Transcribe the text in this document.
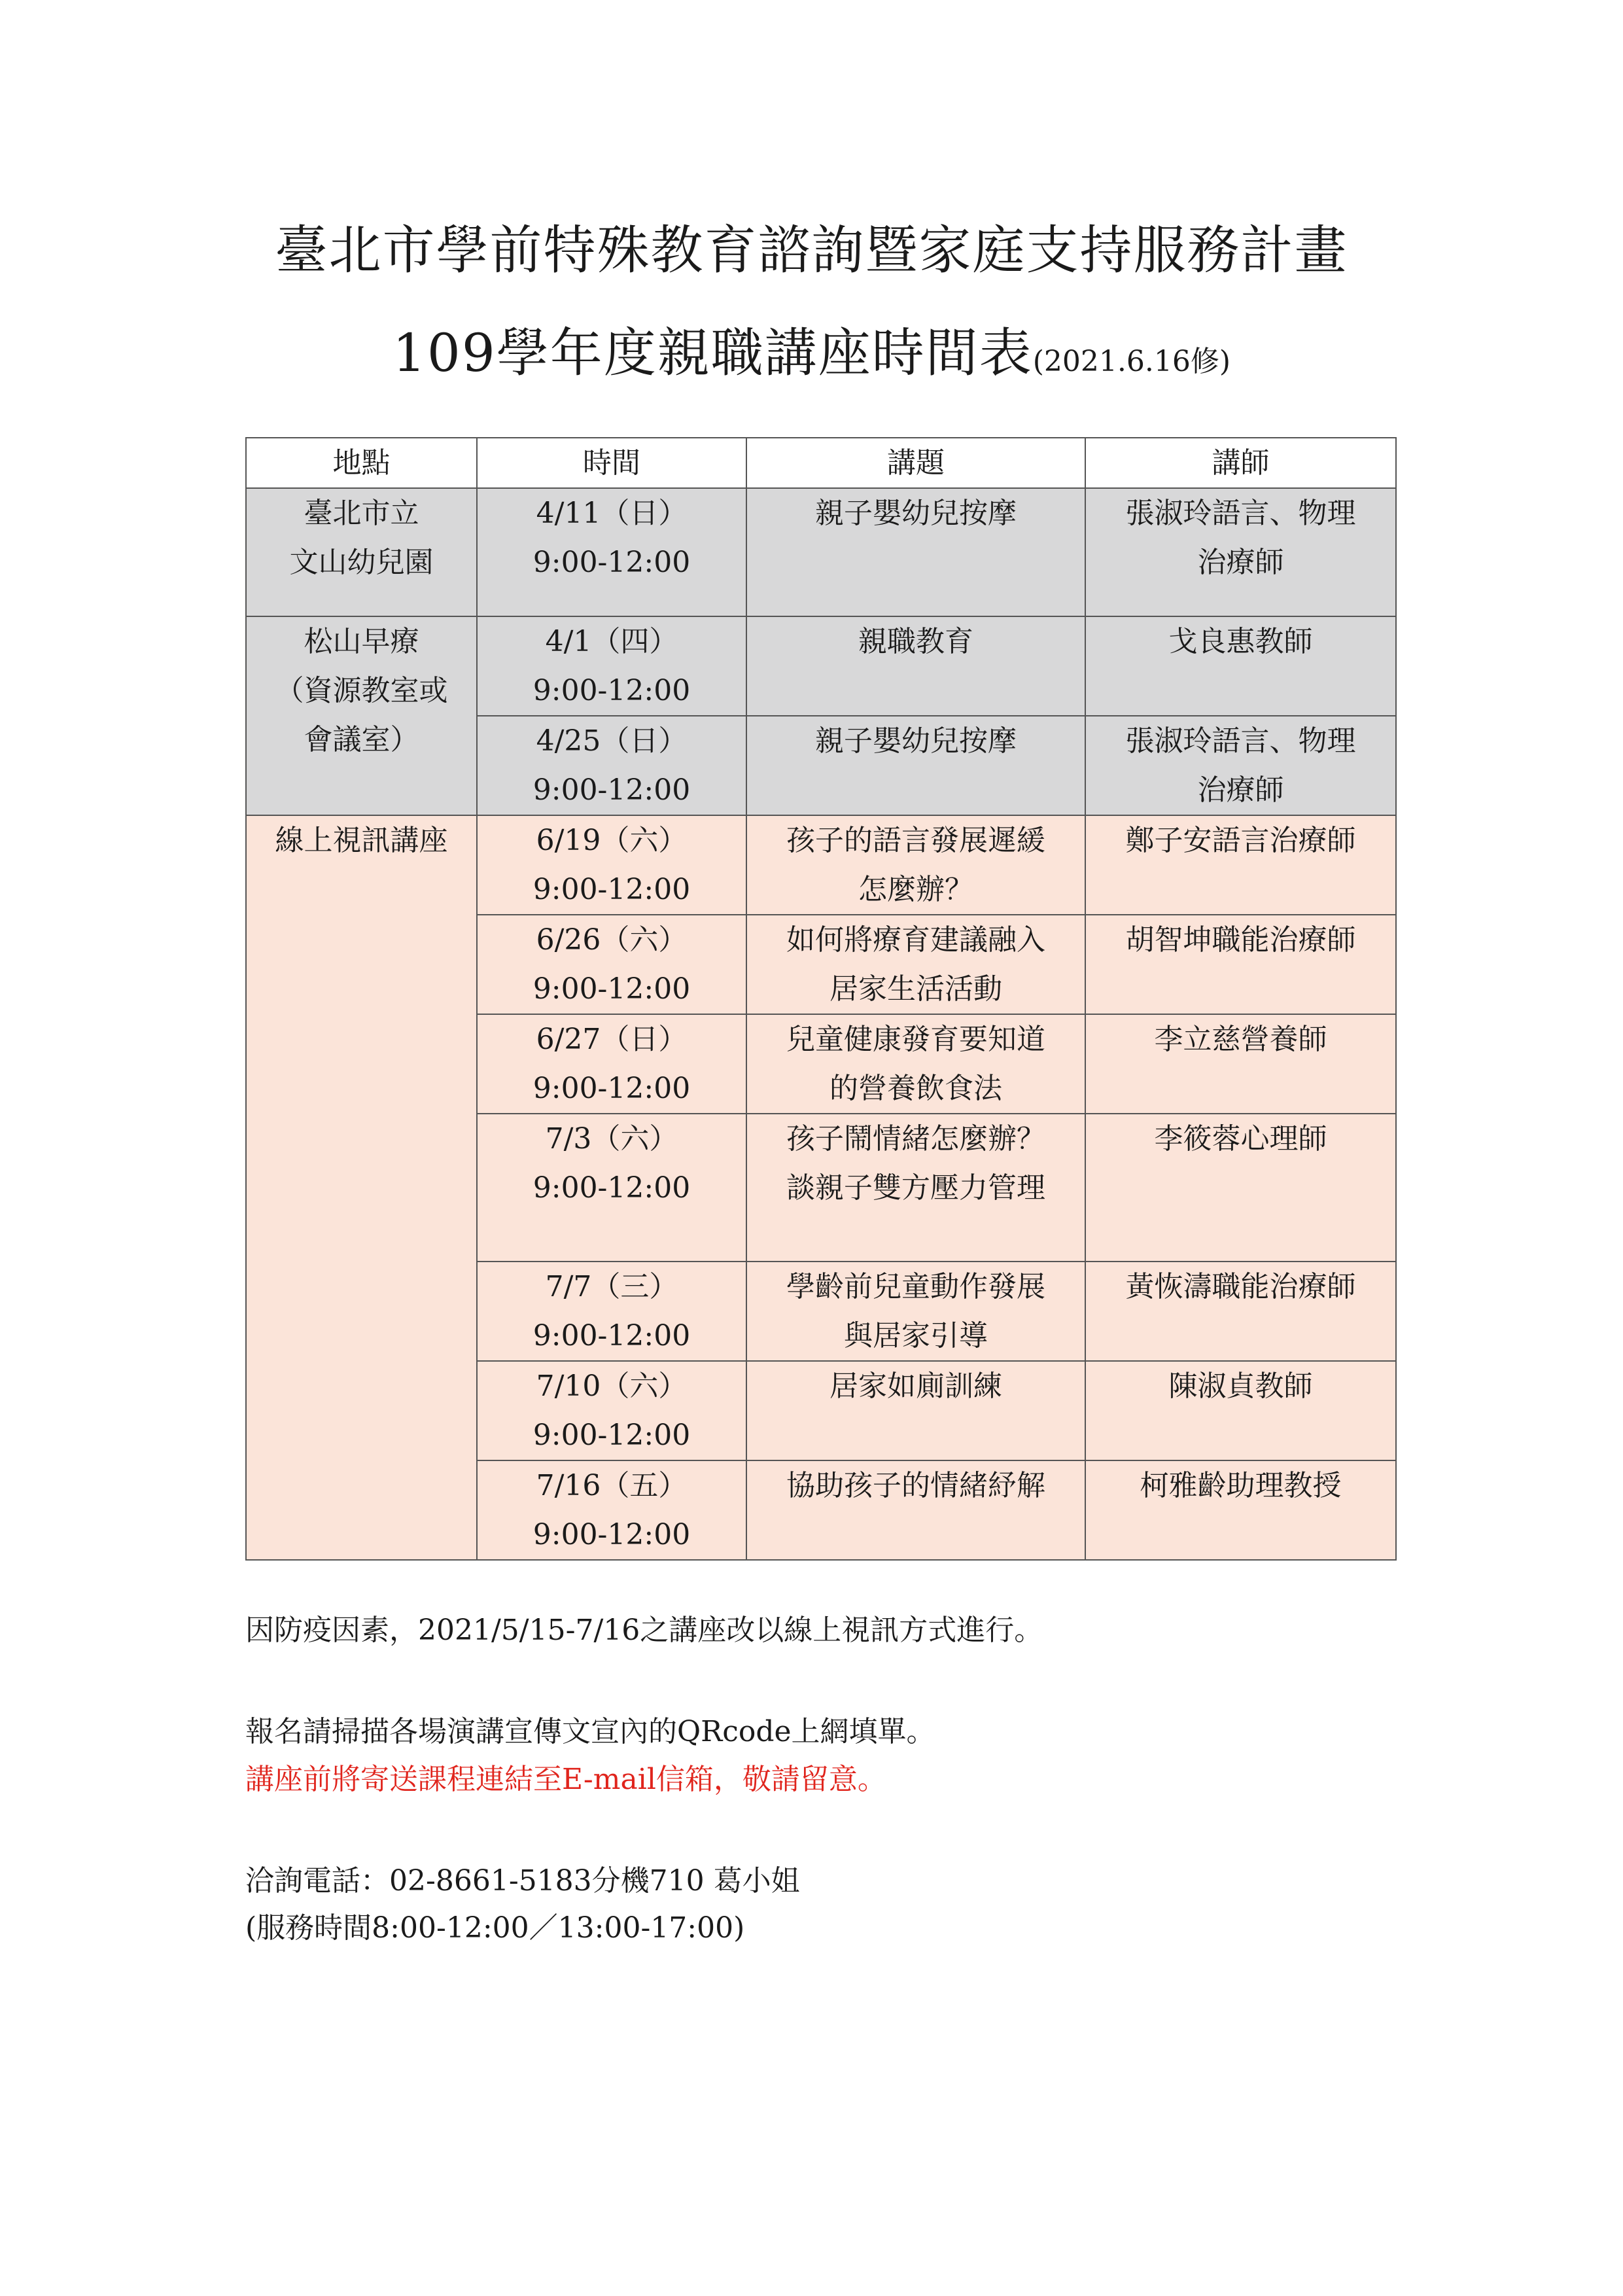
臺北市學前特殊教育諮詢暨家庭支持服務計畫
109學年度親職講座時間表(2021.6.16修)
地點	時間	講題	講師

臺北市立
文山幼兒園	4/11（日）
9:00-12:00	親子嬰幼兒按摩	張淑玲語言、物理
治療師

松山早療
（資源教室或
會議室）	4/1（四）
9:00-12:00	親職教育	戈良惠教師

	4/25（日）
9:00-12:00	親子嬰幼兒按摩	張淑玲語言、物理
治療師

線上視訊講座	6/19（六）
9:00-12:00	孩子的語言發展遲緩
怎麼辦？	鄭子安語言治療師

	6/26（六）
9:00-12:00	如何將療育建議融入
居家生活活動	胡智坤職能治療師

	6/27（日）
9:00-12:00	兒童健康發育要知道
的營養飲食法	李立慈營養師

	7/3（六）
9:00-12:00	孩子鬧情緒怎麼辦？
談親子雙方壓力管理	李筱蓉心理師

	7/7（三）
9:00-12:00	學齡前兒童動作發展
與居家引導	黃恢濤職能治療師

	7/10（六）
9:00-12:00	居家如廁訓練	陳淑貞教師

	7/16（五）
9:00-12:00	協助孩子的情緒紓解	柯雅齡助理教授
因防疫因素，2021/5/15-7/16之講座改以線上視訊方式進行。
報名請掃描各場演講宣傳文宣內的QRcode上網填單。
講座前將寄送課程連結至E-mail信箱，敬請留意。
洽詢電話：02-8661-5183分機710 葛小姐
(服務時間8:00-12:00／13:00-17:00)
